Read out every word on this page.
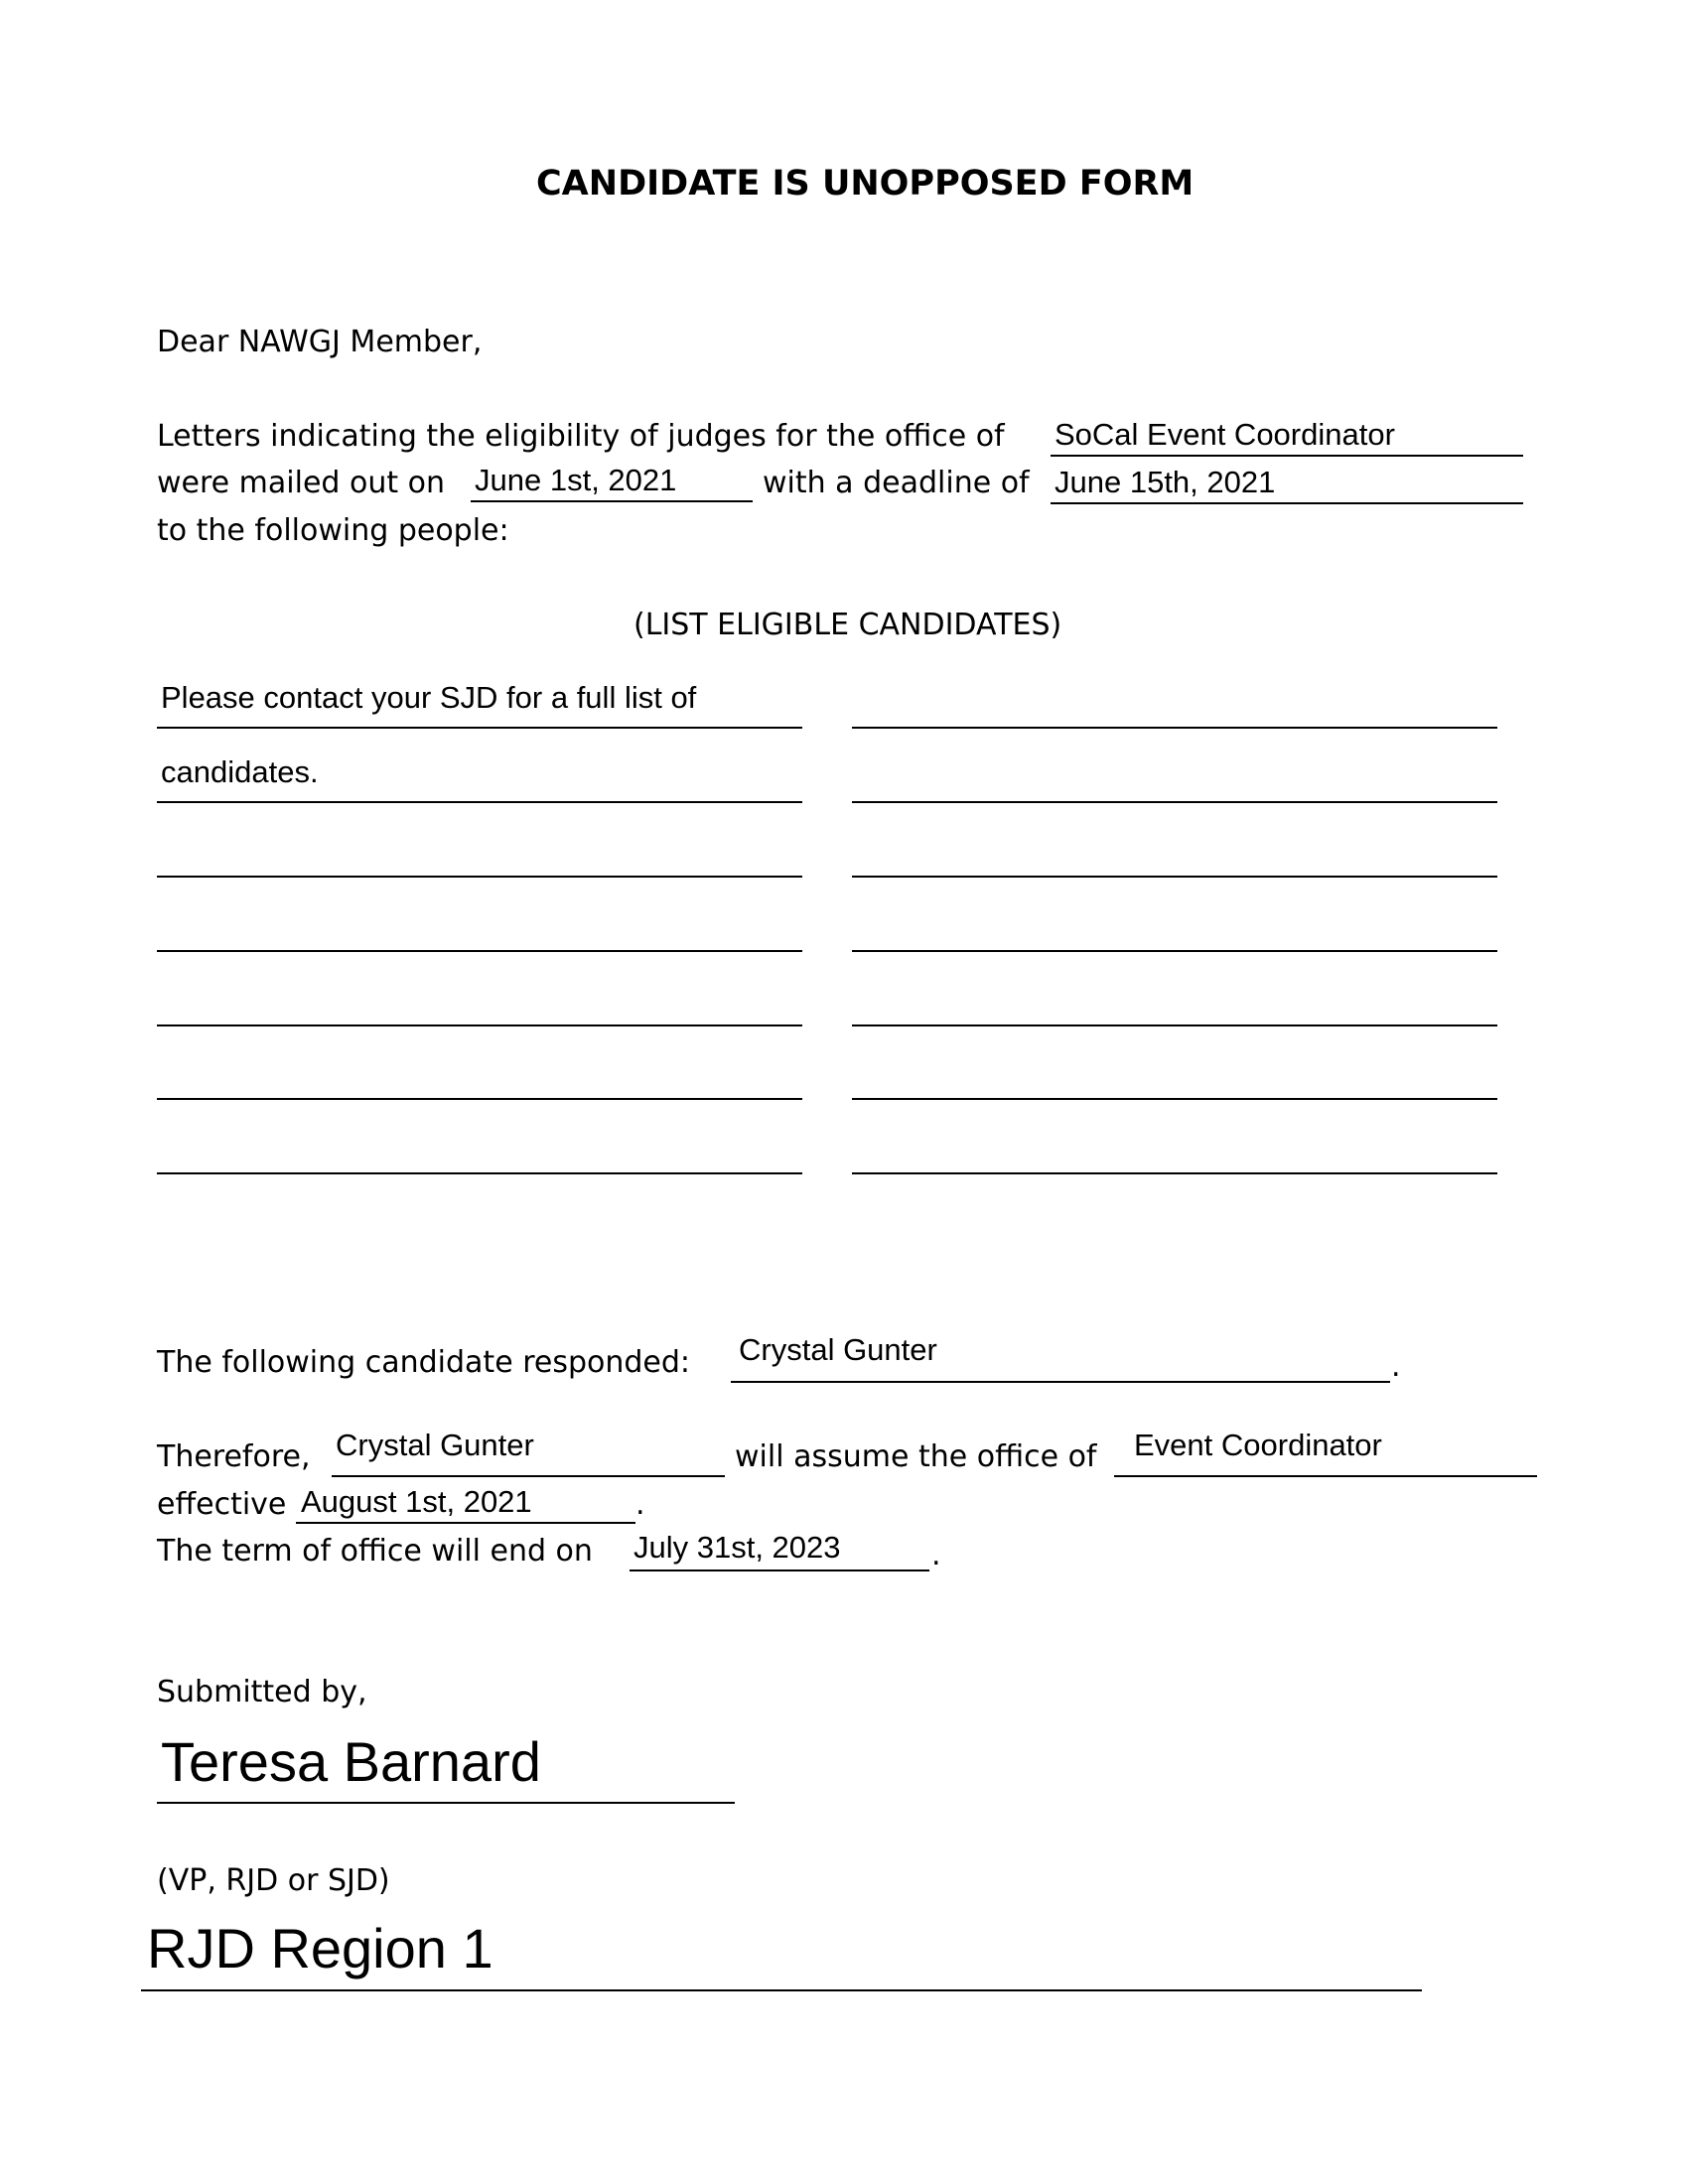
CANDIDATE IS UNOPPOSED FORM
Dear NAWGJ Member,
Letters indicating the eligibility of judges for the office of SoCal Event Coordinator
were mailed out on June 1st, 2021	with a deadline of June 15th, 2021
to the following people:
(LIST ELIGIBLE CANDIDATES)
Please contact your SJD for a full list of
candidates.
The following candidate responded: Crystal Gunter	.
Therefore, Crystal Gunter	will assume the office of Event Coordinator
effective August 1st, 2021	.
The term of office will end on July 31st, 2023	.
Submitted by,
Teresa Barnard
(VP, RJD or SJD)
RJD Region 1
